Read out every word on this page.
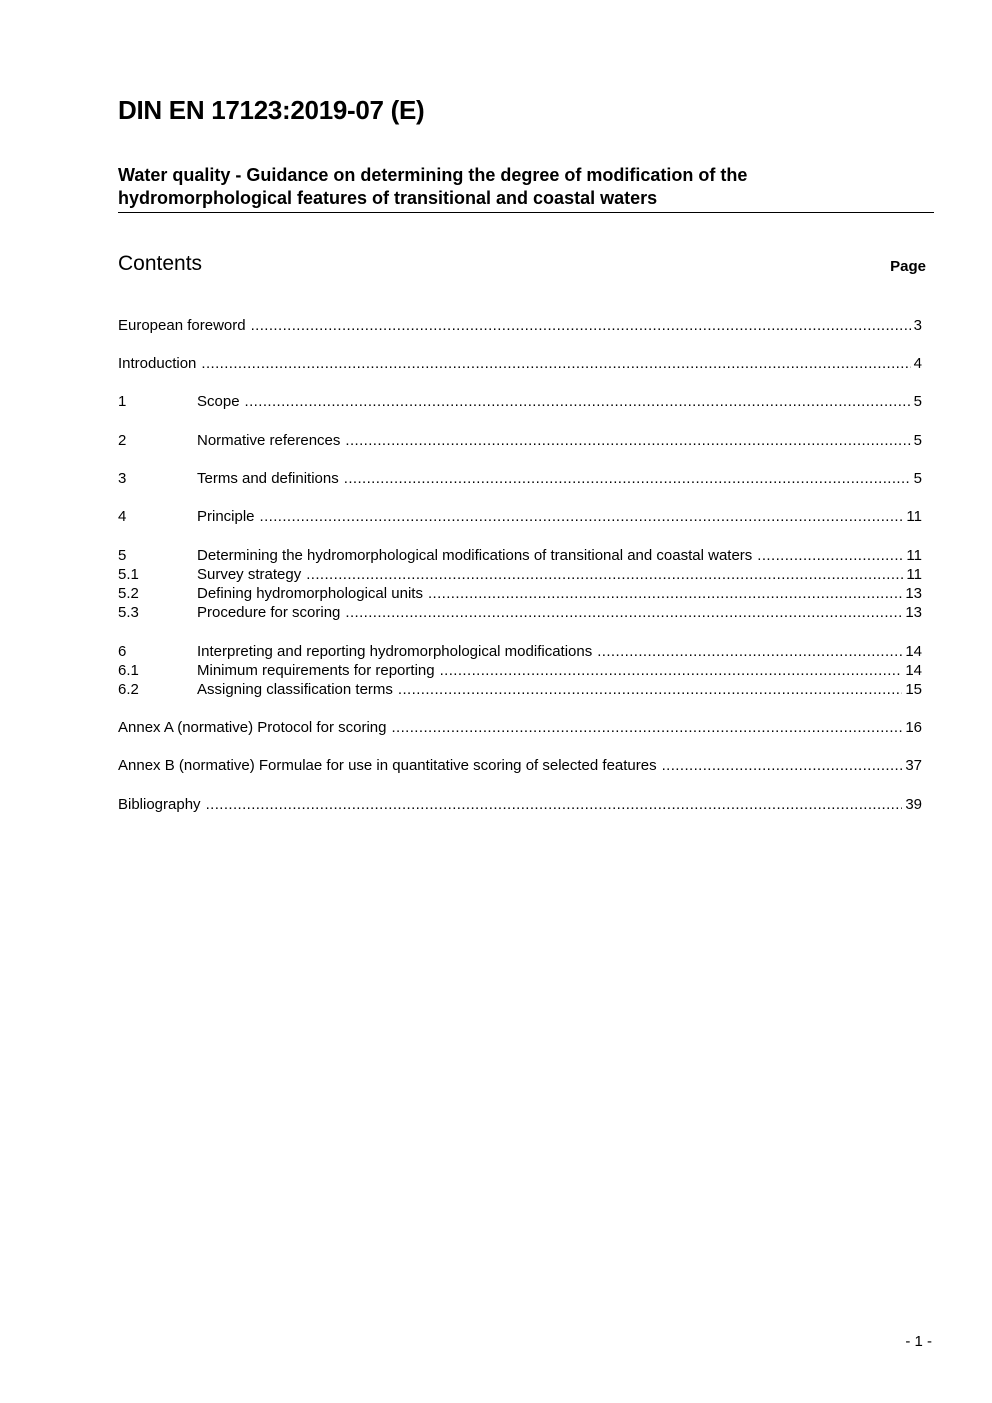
DIN EN 17123:2019-07 (E)
Water quality - Guidance on determining the degree of modification of the
hydromorphological features of transitional and coastal waters
Contents	Page
European foreword .....	3
Introduction .....	4
1	Scope .....	5
2	Normative references .....	5
3	Terms and definitions .....	5
4	Principle .....	11
5	Determining the hydromorphological modifications of transitional and coastal waters .....	11
5.1	Survey strategy .....	11
5.2	Defining hydromorphological units .....	13
5.3	Procedure for scoring .....	13
6	Interpreting and reporting hydromorphological modifications .....	14
6.1	Minimum requirements for reporting .....	14
6.2	Assigning classification terms .....	15
Annex A (normative) Protocol for scoring .....	16
Annex B (normative) Formulae for use in quantitative scoring of selected features .....	37
Bibliography .....	39
- 1 -
